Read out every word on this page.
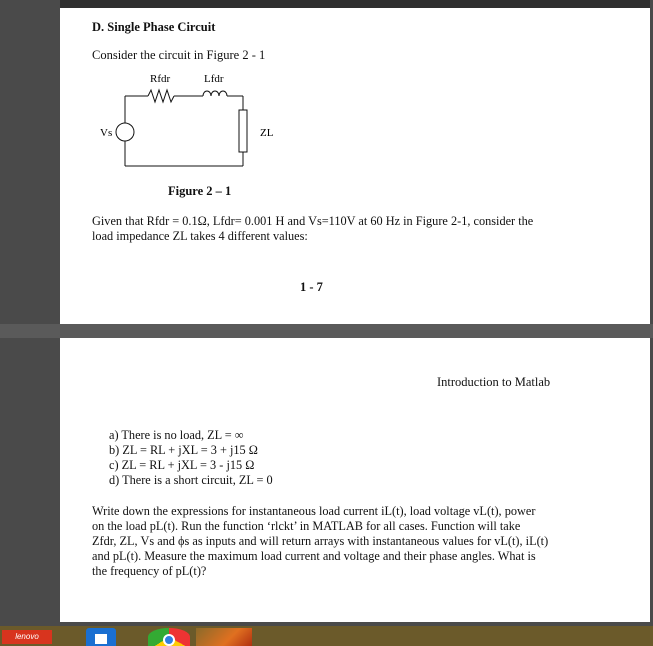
D. Single Phase Circuit
Consider the circuit in Figure 2 - 1
Rfdr	Lfdr
Vs	ZL
Figure 2 – 1
Given that Rfdr = 0.1Ω, Lfdr= 0.001 H and Vs=110V at 60 Hz in Figure 2-1, consider the
load impedance ZL takes 4 different values:
1 - 7
Introduction to Matlab
a) There is no load, ZL = ∞
b) ZL = RL + jXL = 3 + j15 Ω
c) ZL = RL + jXL = 3 - j15 Ω
d) There is a short circuit, ZL = 0
Write down the expressions for instantaneous load current iL(t), load voltage vL(t), power
on the load pL(t). Run the function ‘rlckt’ in MATLAB for all cases. Function will take
Zfdr, ZL, Vs and ϕs as inputs and will return arrays with instantaneous values for vL(t), iL(t)
and pL(t). Measure the maximum load current and voltage and their phase angles. What is
the frequency of pL(t)?
lenovo
